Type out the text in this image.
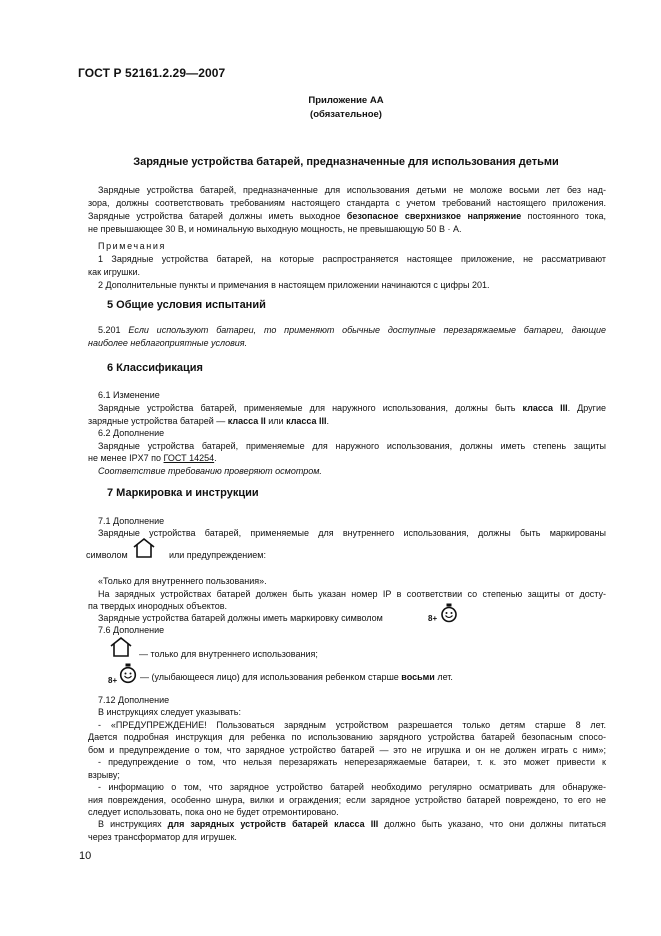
ГОСТ Р 52161.2.29—2007
Приложение АА
(обязательное)
Зарядные устройства батарей, предназначенные для использования детьми
Зарядные устройства батарей, предназначенные для использования детьми не моложе восьми лет без над-
зора, должны соответствовать требованиям настоящего стандарта с учетом требований настоящего приложения.
Зарядные устройства батарей должны иметь выходное безопасное сверхнизкое напряжение постоянного тока,
не превышающее 30 В, и номинальную выходную мощность, не превышающую 50 В · А.
Примечания
1 Зарядные устройства батарей, на которые распространяется настоящее приложение, не рассматривают
как игрушки.
2 Дополнительные пункты и примечания в настоящем приложении начинаются с цифры 201.
5 Общие условия испытаний
5.201 Если используют батареи, то применяют обычные доступные перезаряжаемые батареи, дающие
наиболее неблагоприятные условия.
6 Классификация
6.1 Изменение
Зарядные устройства батарей, применяемые для наружного использования, должны быть класса III. Другие
зарядные устройства батарей — класса II или класса III.
6.2 Дополнение
Зарядные устройства батарей, применяемые для наружного использования, должны иметь степень защиты
не менее IPX7 по ГОСТ 14254.
Соответствие требованию проверяют осмотром.
7 Маркировка и инструкции
7.1 Дополнение
Зарядные устройства батарей, применяемые для внутреннего использования, должны быть маркированы
символом	или предупреждением:
«Только для внутреннего пользования».
На зарядных устройствах батарей должен быть указан номер IP в соответствии со степенью защиты от досту-
па твердых инородных объектов.
Зарядные устройства батарей должны иметь маркировку символом	8+
7.6 Дополнение
— только для внутреннего использования;
8+	— (улыбающееся лицо) для использования ребенком старше восьми лет.
7.12 Дополнение
В инструкциях следует указывать:
- «ПРЕДУПРЕЖДЕНИЕ! Пользоваться зарядным устройством разрешается только детям старше 8 лет.
Дается подробная инструкция для ребенка по использованию зарядного устройства батарей безопасным спосо-
бом и предупреждение о том, что зарядное устройство батарей — это не игрушка и он не должен играть с ним»;
- предупреждение о том, что нельзя перезаряжать неперезаряжаемые батареи, т. к. это может привести к
взрыву;
- информацию о том, что зарядное устройство батарей необходимо регулярно осматривать для обнаруже-
ния повреждения, особенно шнура, вилки и ограждения; если зарядное устройство батарей повреждено, то его не
следует использовать, пока оно не будет отремонтировано.
В инструкциях для зарядных устройств батарей класса III должно быть указано, что они должны питаться
через трансформатор для игрушек.
10
